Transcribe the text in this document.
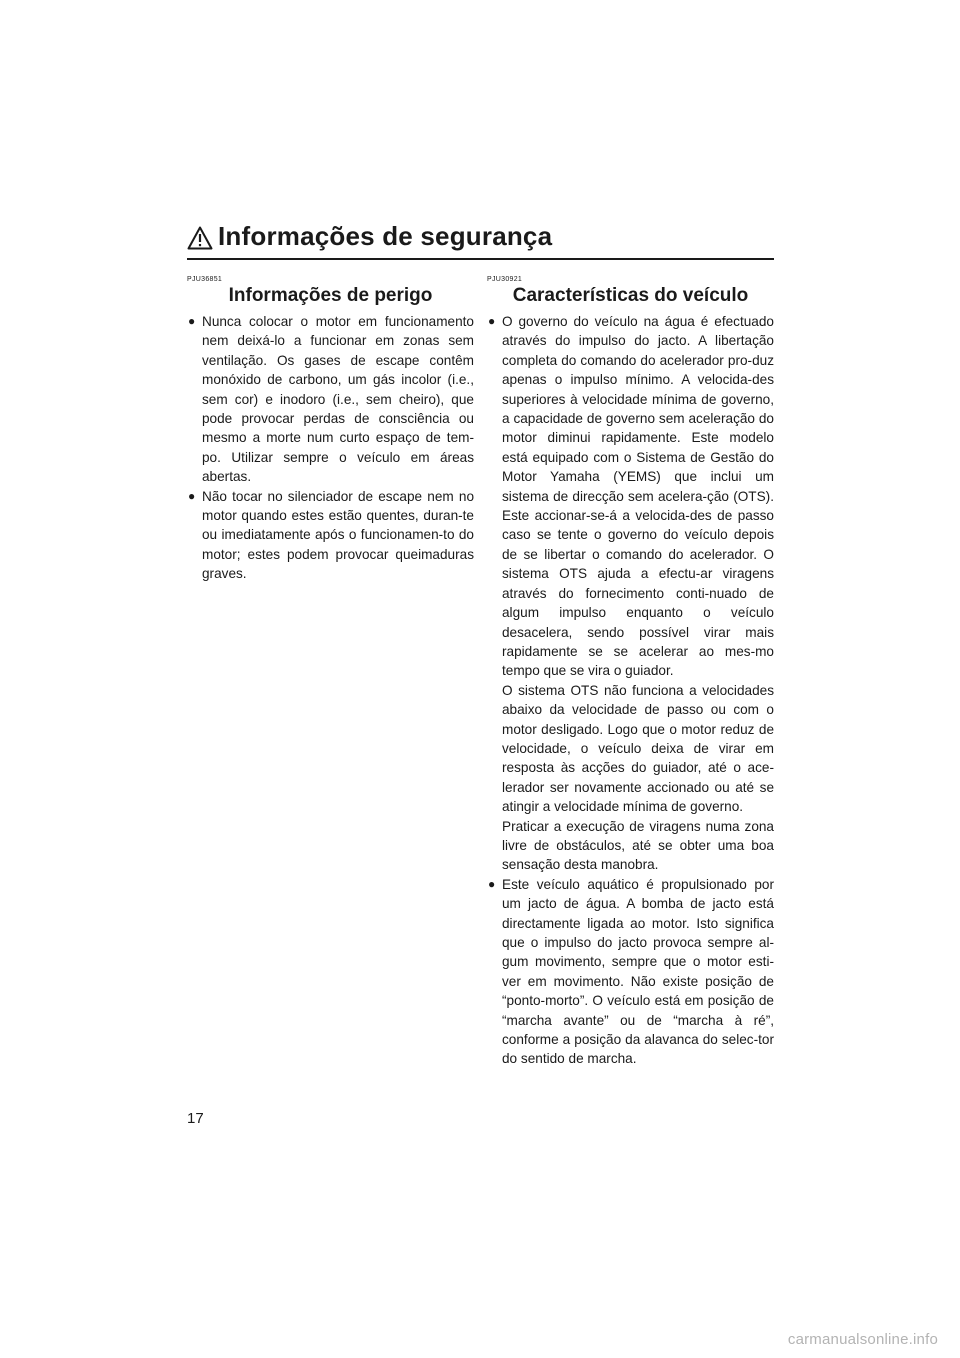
Informações de segurança
PJU36851
Informações de perigo
● Nunca colocar o motor em funcionamento nem deixá-lo a funcionar em zonas sem ventilação. Os gases de escape contêm monóxido de carbono, um gás incolor (i.e., sem cor) e inodoro (i.e., sem cheiro), que pode provocar perdas de consciência ou mesmo a morte num curto espaço de tem-po. Utilizar sempre o veículo em áreas abertas.

● Não tocar no silenciador de escape nem no motor quando estes estão quentes, duran-te ou imediatamente após o funcionamen-to do motor; estes podem provocar queimaduras graves.

PJU30921
Características do veículo
● O governo do veículo na água é efectuado através do impulso do jacto. A libertação completa do comando do acelerador pro-duz apenas o impulso mínimo. A velocida-des superiores à velocidade mínima de governo, a capacidade de governo sem aceleração do motor diminui rapidamente. Este modelo está equipado com o Sistema de Gestão do Motor Yamaha (YEMS) que inclui um sistema de direcção sem acelera-ção (OTS). Este accionar-se-á a velocida-des de passo caso se tente o governo do veículo depois de se libertar o comando do acelerador. O sistema OTS ajuda a efectu-ar viragens através do fornecimento conti-nuado de algum impulso enquanto o veículo desacelera, sendo possível virar mais rapidamente se se acelerar ao mes-mo tempo que se vira o guiador.

O sistema OTS não funciona a velocidades abaixo da velocidade de passo ou com o motor desligado. Logo que o motor reduz de velocidade, o veículo deixa de virar em resposta às acções do guiador, até o ace-lerador ser novamente accionado ou até se atingir a velocidade mínima de governo.

Praticar a execução de viragens numa zona livre de obstáculos, até se obter uma boa sensação desta manobra.

● Este veículo aquático é propulsionado por um jacto de água. A bomba de jacto está directamente ligada ao motor. Isto significa que o impulso do jacto provoca sempre al-gum movimento, sempre que o motor esti-ver em movimento. Não existe posição de “ponto-morto”. O veículo está em posição de “marcha avante” ou de “marcha à ré”, conforme a posição da alavanca do selec-tor do sentido de marcha.

17
carmanualsonline.info
